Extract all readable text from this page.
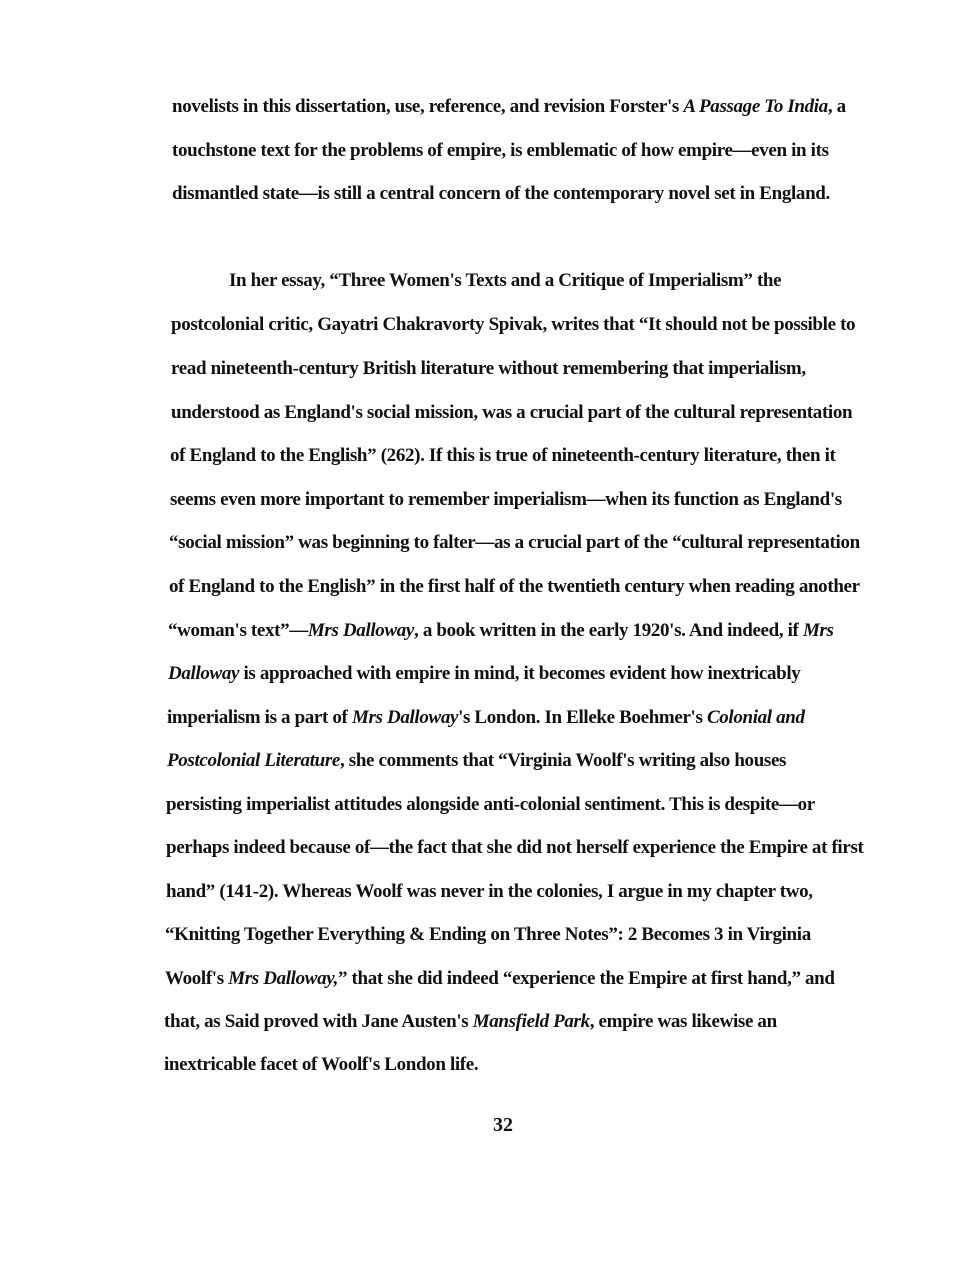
novelists in this dissertation, use, reference, and revision Forster's A Passage To India, a
touchstone text for the problems of empire, is emblematic of how empire—even in its
dismantled state—is still a central concern of the contemporary novel set in England.
In her essay, “Three Women's Texts and a Critique of Imperialism” the
postcolonial critic, Gayatri Chakravorty Spivak, writes that “It should not be possible to
read nineteenth-century British literature without remembering that imperialism,
understood as England's social mission, was a crucial part of the cultural representation
of England to the English” (262). If this is true of nineteenth-century literature, then it
seems even more important to remember imperialism—when its function as England's
“social mission” was beginning to falter—as a crucial part of the “cultural representation
of England to the English” in the first half of the twentieth century when reading another
“woman's text”—Mrs Dalloway, a book written in the early 1920's. And indeed, if Mrs
Dalloway is approached with empire in mind, it becomes evident how inextricably
imperialism is a part of Mrs Dalloway's London. In Elleke Boehmer's Colonial and
Postcolonial Literature, she comments that “Virginia Woolf's writing also houses
persisting imperialist attitudes alongside anti-colonial sentiment. This is despite—or
perhaps indeed because of—the fact that she did not herself experience the Empire at first
hand” (141-2). Whereas Woolf was never in the colonies, I argue in my chapter two,
“Knitting Together Everything & Ending on Three Notes”: 2 Becomes 3 in Virginia
Woolf's Mrs Dalloway,” that she did indeed “experience the Empire at first hand,” and
that, as Said proved with Jane Austen's Mansfield Park, empire was likewise an
inextricable facet of Woolf's London life.
32
